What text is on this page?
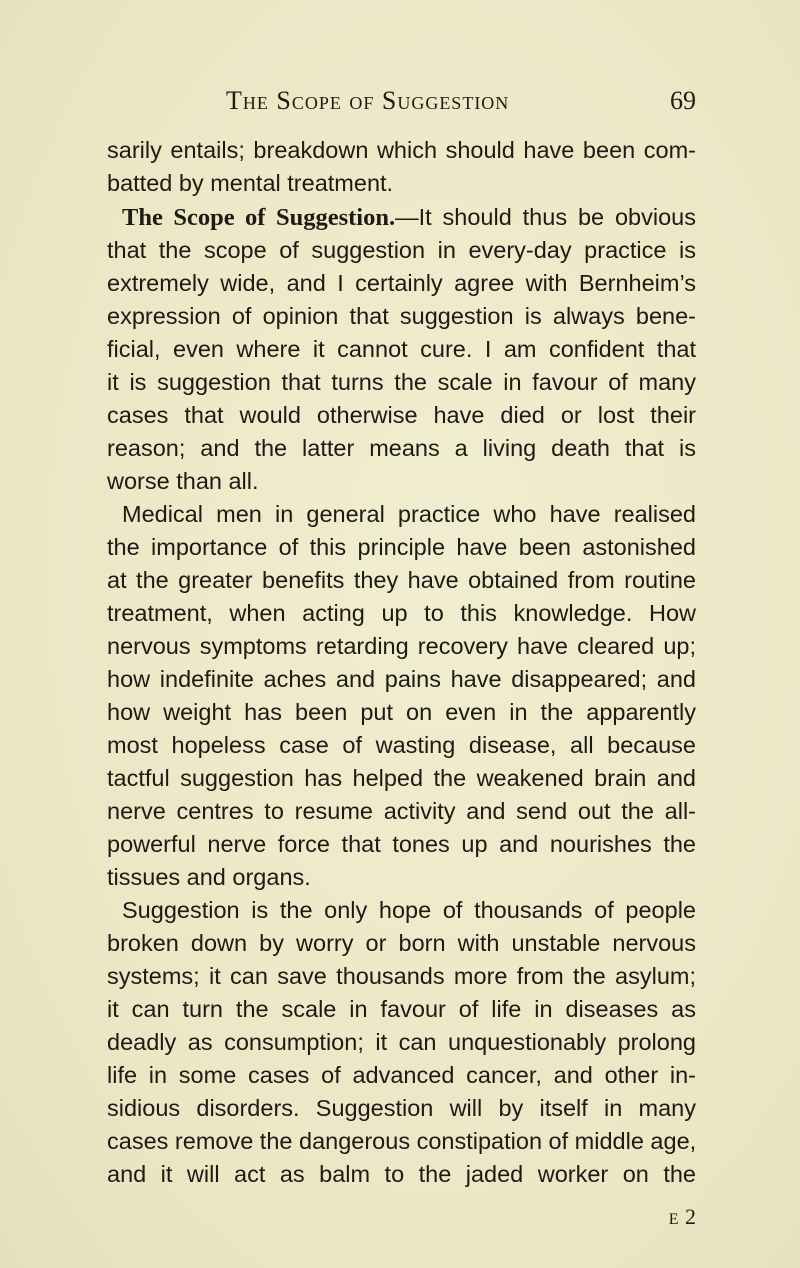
The Scope of Suggestion	69
sarily entails; breakdown which should have been com-
batted by mental treatment.
The Scope of Suggestion.—It should thus be obvious
that the scope of suggestion in every-day practice is
extremely wide, and I certainly agree with Bernheim’s
expression of opinion that suggestion is always bene-
ficial, even where it cannot cure. I am confident that
it is suggestion that turns the scale in favour of many
cases that would otherwise have died or lost their
reason; and the latter means a living death that is
worse than all.
Medical men in general practice who have realised
the importance of this principle have been astonished
at the greater benefits they have obtained from routine
treatment, when acting up to this knowledge. How
nervous symptoms retarding recovery have cleared up;
how indefinite aches and pains have disappeared; and
how weight has been put on even in the apparently
most hopeless case of wasting disease, all because
tactful suggestion has helped the weakened brain and
nerve centres to resume activity and send out the all-
powerful nerve force that tones up and nourishes the
tissues and organs.
Suggestion is the only hope of thousands of people
broken down by worry or born with unstable nervous
systems; it can save thousands more from the asylum;
it can turn the scale in favour of life in diseases as
deadly as consumption; it can unquestionably prolong
life in some cases of advanced cancer, and other in-
sidious disorders. Suggestion will by itself in many
cases remove the dangerous constipation of middle age,
and it will act as balm to the jaded worker on the
E 2
